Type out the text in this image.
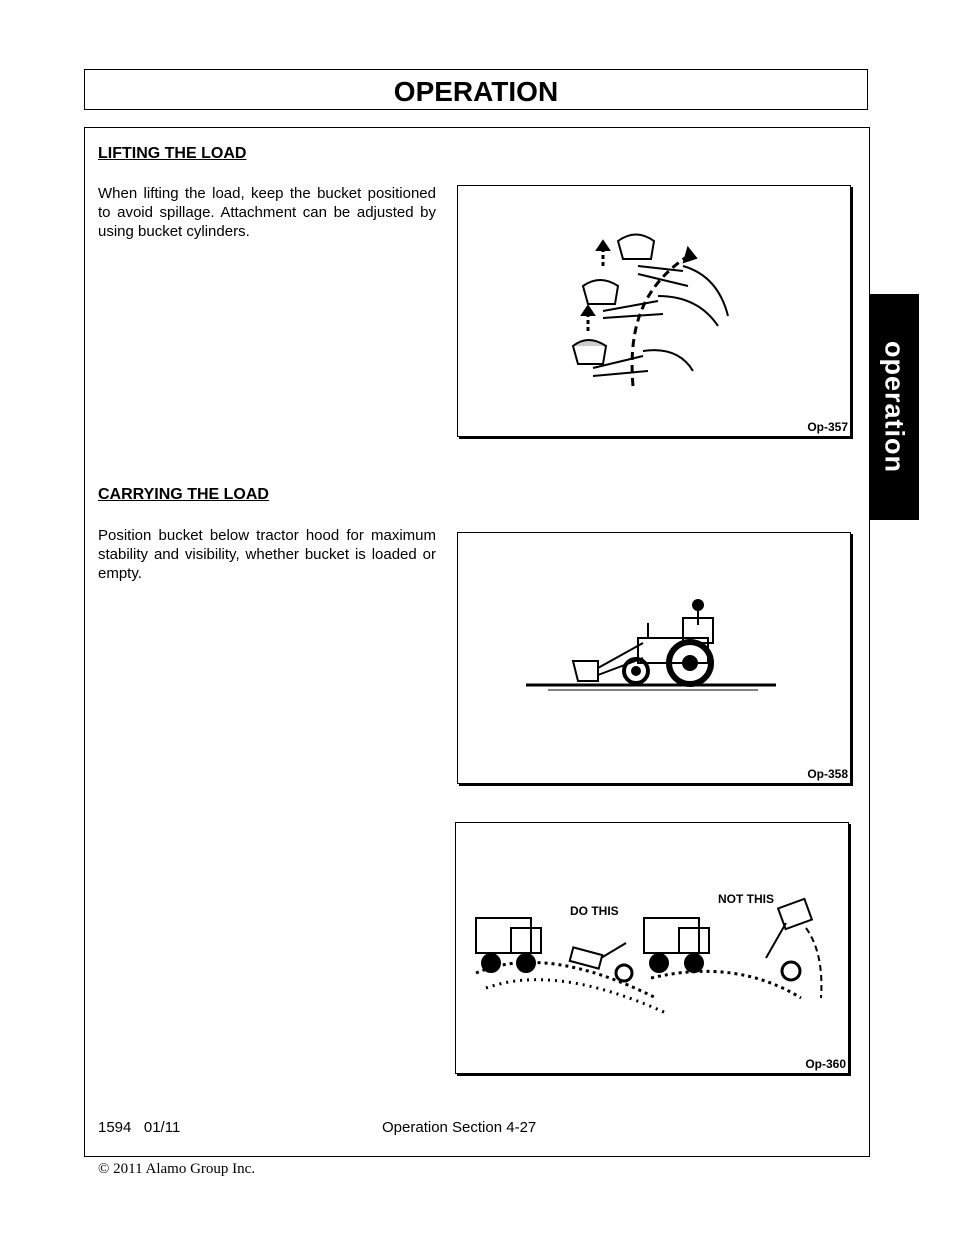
OPERATION
operation
LIFTING THE LOAD
When lifting the load, keep the bucket positioned to avoid spillage. Attachment can be adjusted by using bucket cylinders.
Op-357
CARRYING THE LOAD
Position bucket below tractor hood for maximum stability and visibility, whether bucket is loaded or empty.
Op-358
DO THIS
NOT THIS
Op-360
1594   01/11	Operation Section 4-27
© 2011 Alamo Group Inc.
